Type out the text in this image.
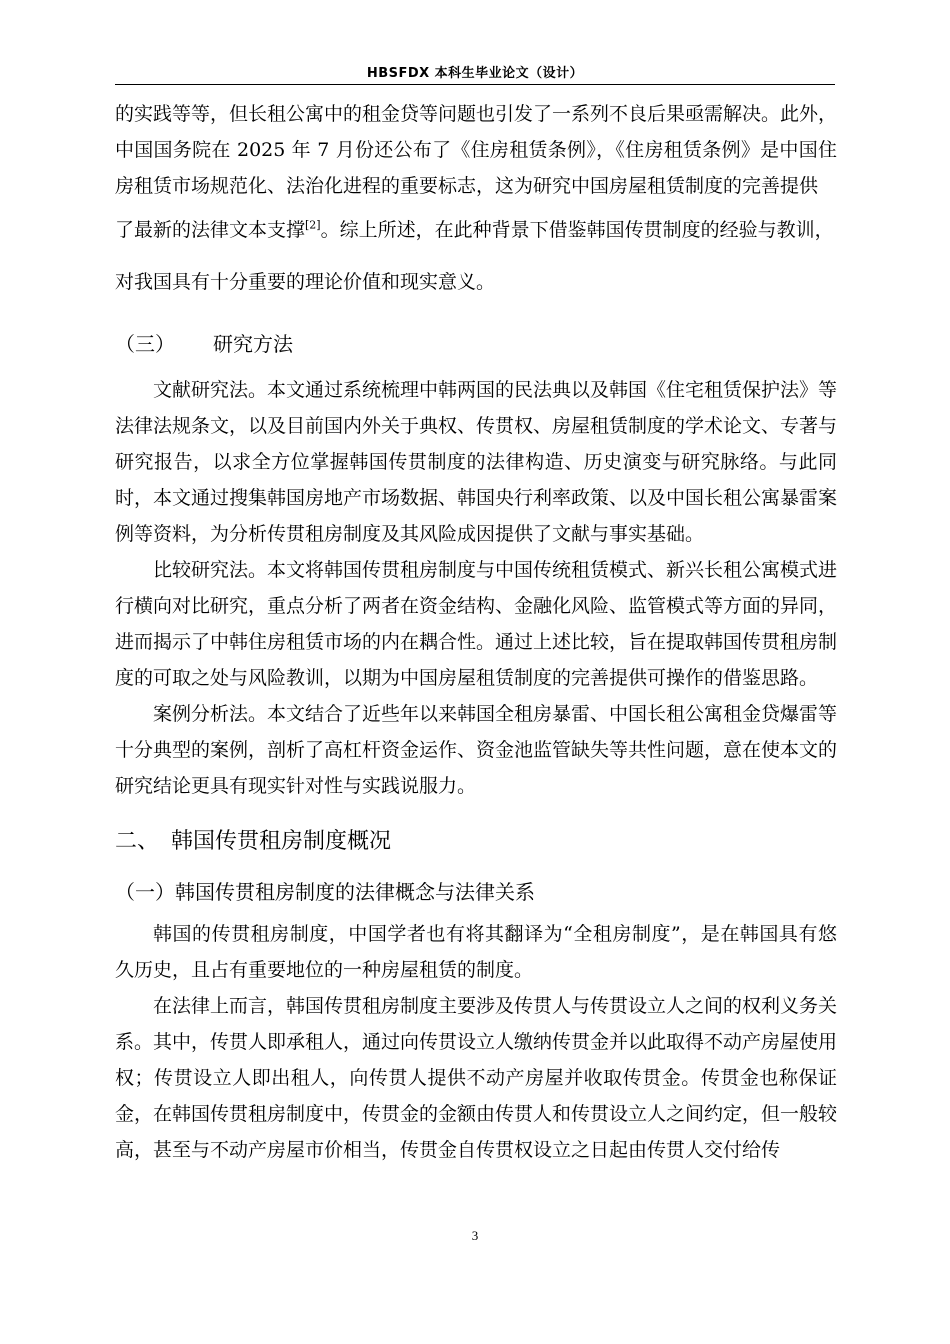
HBSFDX 本科生毕业论文（设计）

的实践等等，但长租公寓中的租金贷等问题也引发了一系列不良后果亟需解决。此外，中国国务院在 2025 年 7 月份还公布了《住房租赁条例》，《住房租赁条例》是中国住房租赁市场规范化、法治化进程的重要标志，这为研究中国房屋租赁制度的完善提供

了最新的法律文本支撑[2]。综上所述，在此种背景下借鉴韩国传贯制度的经验与教训，

对我国具有十分重要的理论价值和现实意义。

（三） 研究方法

文献研究法。本文通过系统梳理中韩两国的民法典以及韩国《住宅租赁保护法》等法律法规条文，以及目前国内外关于典权、传贯权、房屋租赁制度的学术论文、专著与研究报告，以求全方位掌握韩国传贯制度的法律构造、历史演变与研究脉络。与此同时，本文通过搜集韩国房地产市场数据、韩国央行利率政策、以及中国长租公寓暴雷案例等资料，为分析传贯租房制度及其风险成因提供了文献与事实基础。

比较研究法。本文将韩国传贯租房制度与中国传统租赁模式、新兴长租公寓模式进行横向对比研究，重点分析了两者在资金结构、金融化风险、监管模式等方面的异同，进而揭示了中韩住房租赁市场的内在耦合性。通过上述比较，旨在提取韩国传贯租房制度的可取之处与风险教训，以期为中国房屋租赁制度的完善提供可操作的借鉴思路。

案例分析法。本文结合了近些年以来韩国全租房暴雷、中国长租公寓租金贷爆雷等十分典型的案例，剖析了高杠杆资金运作、资金池监管缺失等共性问题，意在使本文的研究结论更具有现实针对性与实践说服力。

二、 韩国传贯租房制度概况
（一）韩国传贯租房制度的法律概念与法律关系

韩国的传贯租房制度，中国学者也有将其翻译为“全租房制度”，是在韩国具有悠久历史，且占有重要地位的一种房屋租赁的制度。

在法律上而言，韩国传贯租房制度主要涉及传贯人与传贯设立人之间的权利义务关系。其中，传贯人即承租人，通过向传贯设立人缴纳传贯金并以此取得不动产房屋使用权；传贯设立人即出租人，向传贯人提供不动产房屋并收取传贯金。传贯金也称保证金，在韩国传贯租房制度中，传贯金的金额由传贯人和传贯设立人之间约定，但一般较高，甚至与不动产房屋市价相当，传贯金自传贯权设立之日起由传贯人交付给传

3
